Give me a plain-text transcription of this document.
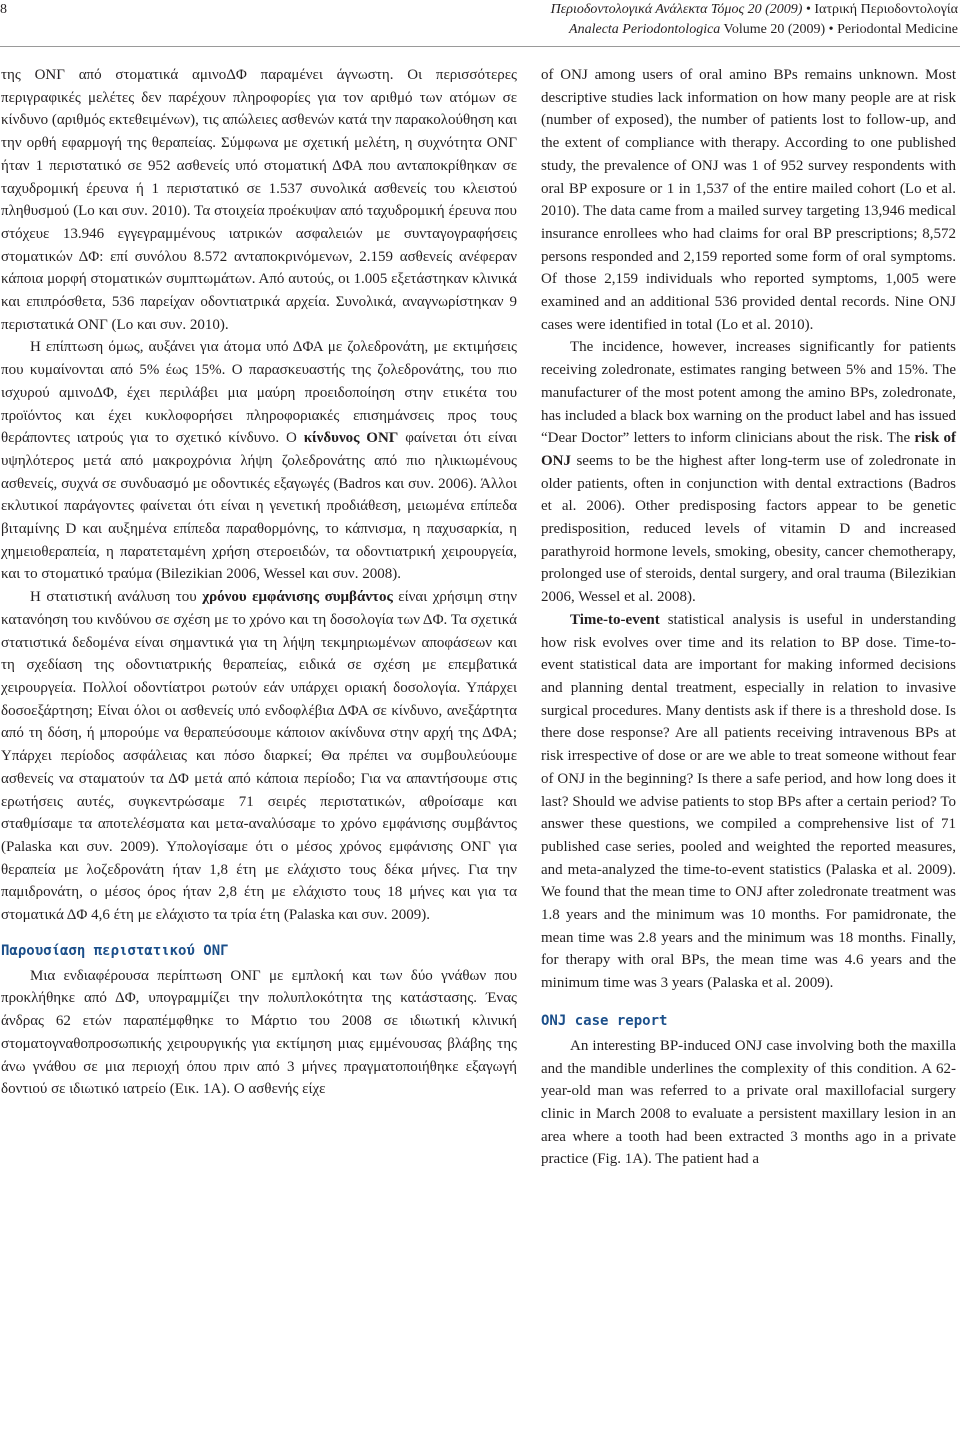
8	Περιοδοντολογικά Ανάλεκτα Τόμος 20 (2009) • Ιατρική Περιοδοντολογία
Analecta Periodontologica Volume 20 (2009) • Periodontal Medicine

της ΟΝΓ από στοματικά αμινοΔΦ παραμένει άγνωστη. Οι περισσότερες περιγραφικές μελέτες δεν παρέχουν πληροφορίες για τον αριθμό των ατόμων σε κίνδυνο (αριθμός εκτεθειμένων), τις απώλειες ασθενών κατά την παρακολούθηση και την ορθή εφαρμογή της θεραπείας. Σύμφωνα με σχετική μελέτη, η συχνότητα ΟΝΓ ήταν 1 περιστατικό σε 952 ασθενείς υπό στοματική ΔΦΑ που ανταποκρίθηκαν σε ταχυδρομική έρευνα ή 1 περιστατικό σε 1.537 συνολικά ασθενείς του κλειστού πληθυσμού (Lo και συν. 2010). Τα στοιχεία προέκυψαν από ταχυδρομική έρευνα που στόχευε 13.946 εγγεγραμμένους ιατρικών ασφαλειών με συνταγογραφήσεις στοματικών ΔΦ: επί συνόλου 8.572 ανταποκρινόμενων, 2.159 ασθενείς ανέφεραν κάποια μορφή στοματικών συμπτωμάτων. Από αυτούς, οι 1.005 εξετάστηκαν κλινικά και επιπρόσθετα, 536 παρείχαν οδοντιατρικά αρχεία. Συνολικά, αναγνωρίστηκαν 9 περιστατικά ΟΝΓ (Lo και συν. 2010).

Η επίπτωση όμως, αυξάνει για άτομα υπό ΔΦΑ με ζολεδρονάτη, με εκτιμήσεις που κυμαίνονται από 5% έως 15%. Ο παρασκευαστής της ζολεδρονάτης, του πιο ισχυρού αμινοΔΦ, έχει περιλάβει μια μαύρη προειδοποίηση στην ετικέτα του προϊόντος και έχει κυκλοφορήσει πληροφοριακές επισημάνσεις προς τους θεράποντες ιατρούς για το σχετικό κίνδυνο. Ο κίνδυνος ΟΝΓ φαίνεται ότι είναι υψηλότερος μετά από μακροχρόνια λήψη ζολεδρονάτης από πιο ηλικιωμένους ασθενείς, συχνά σε συνδυασμό με οδοντικές εξαγωγές (Badros και συν. 2006). Άλλοι εκλυτικοί παράγοντες φαίνεται ότι είναι η γενετική προδιάθεση, μειωμένα επίπεδα βιταμίνης D και αυξημένα επίπεδα παραθορμόνης, το κάπνισμα, η παχυσαρκία, η χημειοθεραπεία, η παρατεταμένη χρήση στεροειδών, τα οδοντιατρική χειρουργεία, και το στοματικό τραύμα (Bilezikian 2006, Wessel και συν. 2008).

Η στατιστική ανάλυση του χρόνου εμφάνισης συμβάντος είναι χρήσιμη στην κατανόηση του κινδύνου σε σχέση με το χρόνο και τη δοσολογία των ΔΦ. Τα σχετικά στατιστικά δεδομένα είναι σημαντικά για τη λήψη τεκμηριωμένων αποφάσεων και τη σχεδίαση της οδοντιατρικής θεραπείας, ειδικά σε σχέση με επεμβατικά χειρουργεία. Πολλοί οδοντίατροι ρωτούν εάν υπάρχει οριακή δοσολογία. Υπάρχει δοσοεξάρτηση; Είναι όλοι οι ασθενείς υπό ενδοφλέβια ΔΦΑ σε κίνδυνο, ανεξάρτητα από τη δόση, ή μπορούμε να θεραπεύσουμε κάποιον ακίνδυνα στην αρχή της ΔΦΑ; Υπάρχει περίοδος ασφάλειας και πόσο διαρκεί; Θα πρέπει να συμβουλεύουμε ασθενείς να σταματούν τα ΔΦ μετά από κάποια περίοδο; Για να απαντήσουμε στις ερωτήσεις αυτές, συγκεντρώσαμε 71 σειρές περιστατικών, αθροίσαμε και σταθμίσαμε τα αποτελέσματα και μετα-αναλύσαμε το χρόνο εμφάνισης συμβάντος (Palaska και συν. 2009). Υπολογίσαμε ότι ο μέσος χρόνος εμφάνισης ΟΝΓ για θεραπεία με λοζεδρονάτη ήταν 1,8 έτη με ελάχιστο τους δέκα μήνες. Για την παμιδρονάτη, ο μέσος όρος ήταν 2,8 έτη με ελάχιστο τους 18 μήνες και για τα στοματικά ΔΦ 4,6 έτη με ελάχιστο τα τρία έτη (Palaska και συν. 2009).

Παρουσίαση περιστατικού ΟΝΓ

Μια ενδιαφέρουσα περίπτωση ΟΝΓ με εμπλοκή και των δύο γνάθων που προκλήθηκε από ΔΦ, υπογραμμίζει την πολυπλοκότητα της κατάστασης. Ένας άνδρας 62 ετών παραπέμφθηκε το Μάρτιο του 2008 σε ιδιωτική κλινική στοματογναθοπροσωπικής χειρουργικής για εκτίμηση μιας εμμένουσας βλάβης της άνω γνάθου σε μια περιοχή όπου πριν από 3 μήνες πραγματοποιήθηκε εξαγωγή δοντιού σε ιδιωτικό ιατρείο (Εικ. 1Α). Ο ασθενής είχε

of ONJ among users of oral amino BPs remains unknown. Most descriptive studies lack information on how many people are at risk (number of exposed), the number of patients lost to follow-up, and the extent of compliance with therapy. According to one published study, the prevalence of ONJ was 1 of 952 survey respondents with oral BP exposure or 1 in 1,537 of the entire mailed cohort (Lo et al. 2010). The data came from a mailed survey targeting 13,946 medical insurance enrollees who had claims for oral BP prescriptions; 8,572 persons responded and 2,159 reported some form of oral symptoms. Of those 2,159 individuals who reported symptoms, 1,005 were examined and an additional 536 provided dental records. Nine ONJ cases were identified in total (Lo et al. 2010).

The incidence, however, increases significantly for patients receiving zoledronate, estimates ranging between 5% and 15%. The manufacturer of the most potent among the amino BPs, zoledronate, has included a black box warning on the product label and has issued “Dear Doctor” letters to inform clinicians about the risk. The risk of ONJ seems to be the highest after long-term use of zoledronate in older patients, often in conjunction with dental extractions (Badros et al. 2006). Other predisposing factors appear to be genetic predisposition, reduced levels of vitamin D and increased parathyroid hormone levels, smoking, obesity, cancer chemotherapy, prolonged use of steroids, dental surgery, and oral trauma (Bilezikian 2006, Wessel et al. 2008).

Time-to-event statistical analysis is useful in understanding how risk evolves over time and its relation to BP dose. Time-to-event statistical data are important for making informed decisions and planning dental treatment, especially in relation to invasive surgical procedures. Many dentists ask if there is a threshold dose. Is there dose response? Are all patients receiving intravenous BPs at risk irrespective of dose or are we able to treat someone without fear of ONJ in the beginning? Is there a safe period, and how long does it last? Should we advise patients to stop BPs after a certain period? To answer these questions, we compiled a comprehensive list of 71 published case series, pooled and weighted the reported measures, and meta-analyzed the time-to-event statistics (Palaska et al. 2009). We found that the mean time to ONJ after zoledronate treatment was 1.8 years and the minimum was 10 months. For pamidronate, the mean time was 2.8 years and the minimum was 18 months. Finally, for therapy with oral BPs, the mean time was 4.6 years and the minimum time was 3 years (Palaska et al. 2009).

ONJ case report

An interesting BP-induced ONJ case involving both the maxilla and the mandible underlines the complexity of this condition. A 62-year-old man was referred to a private oral maxillofacial surgery clinic in March 2008 to evaluate a persistent maxillary lesion in an area where a tooth had been extracted 3 months ago in a private practice (Fig. 1A). The patient had a
